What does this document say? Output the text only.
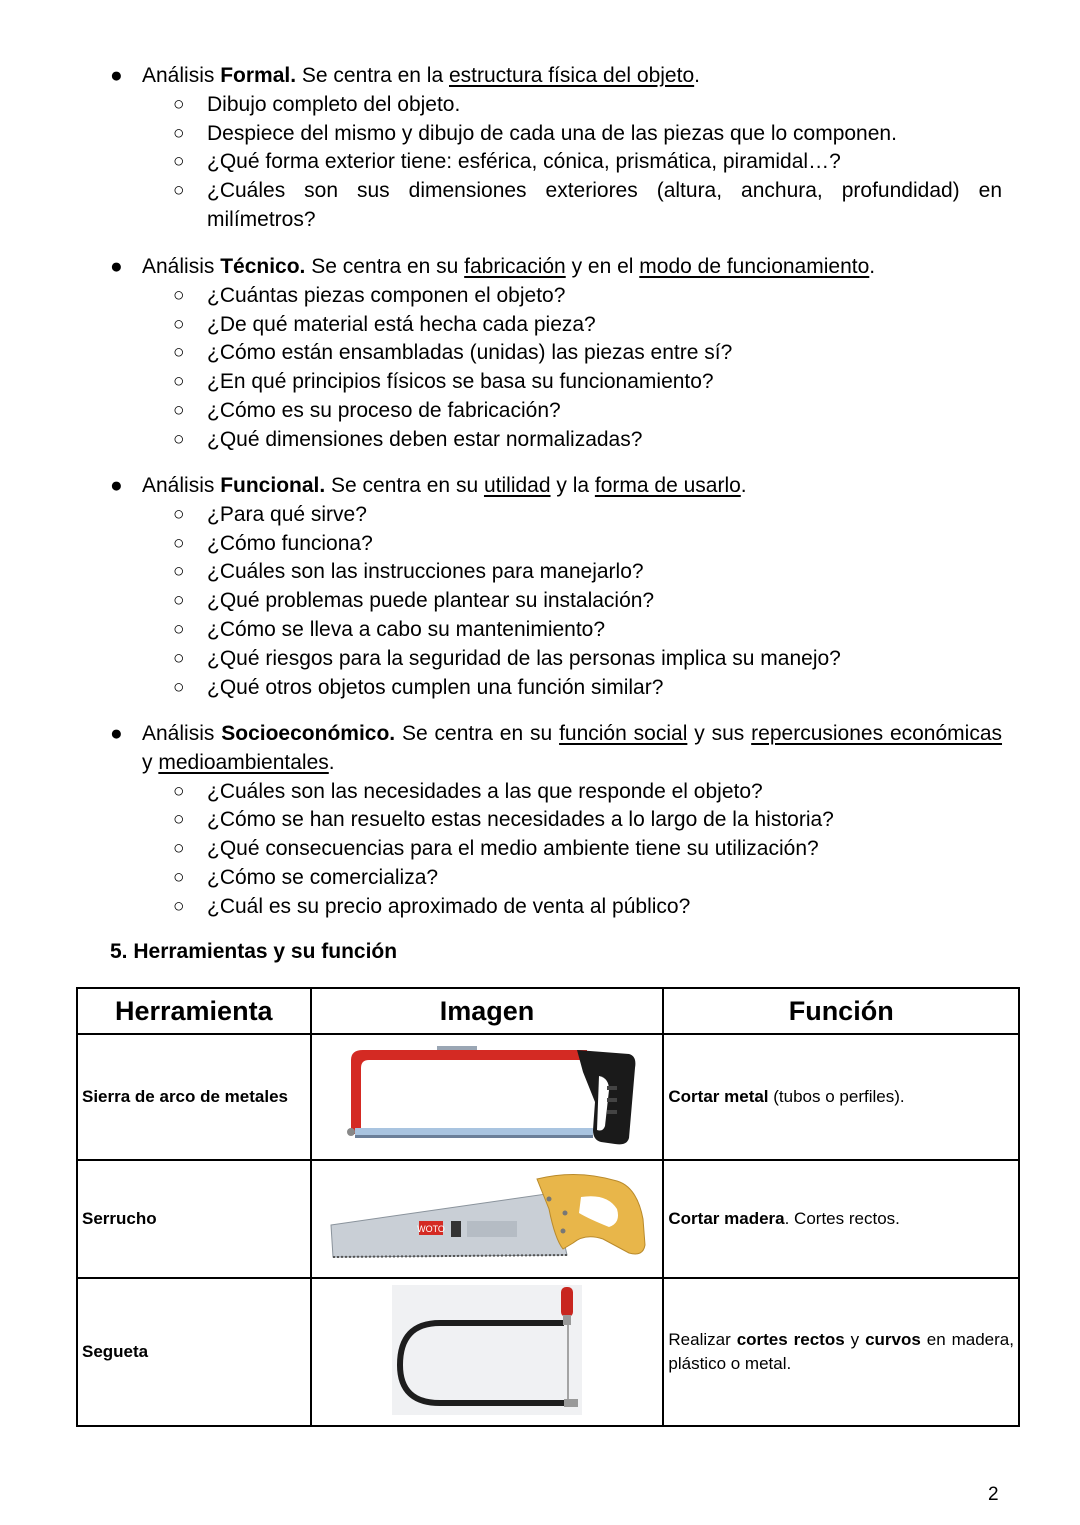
● Análisis Formal. Se centra en la estructura física del objeto.
○ Dibujo completo del objeto.
○ Despiece del mismo y dibujo de cada una de las piezas que lo componen.
○ ¿Qué forma exterior tiene: esférica, cónica, prismática, piramidal…?
○ ¿Cuáles son sus dimensiones exteriores (altura, anchura, profundidad) en milímetros?
● Análisis Técnico. Se centra en su fabricación y en el modo de funcionamiento.
○ ¿Cuántas piezas componen el objeto?
○ ¿De qué material está hecha cada pieza?
○ ¿Cómo están ensambladas (unidas) las piezas entre sí?
○ ¿En qué principios físicos se basa su funcionamiento?
○ ¿Cómo es su proceso de fabricación?
○ ¿Qué dimensiones deben estar normalizadas?
● Análisis Funcional. Se centra en su utilidad y la forma de usarlo.
○ ¿Para qué sirve?
○ ¿Cómo funciona?
○ ¿Cuáles son las instrucciones para manejarlo?
○ ¿Qué problemas puede plantear su instalación?
○ ¿Cómo se lleva a cabo su mantenimiento?
○ ¿Qué riesgos para la seguridad de las personas implica su manejo?
○ ¿Qué otros objetos cumplen una función similar?
● Análisis Socioeconómico. Se centra en su función social y sus repercusiones económicas y medioambientales.
○ ¿Cuáles son las necesidades a las que responde el objeto?
○ ¿Cómo se han resuelto estas necesidades a lo largo de la historia?
○ ¿Qué consecuencias para el medio ambiente tiene su utilización?
○ ¿Cómo se comercializa?
○ ¿Cuál es su precio aproximado de venta al público?
5. Herramientas y su función
Herramienta	Imagen	Función
Sierra de arco de metales		Cortar metal (tubos o perfiles).
Serrucho	WOTO	Cortar madera. Cortes rectos.
Segueta		Realizar cortes rectos y curvos en madera, plástico o metal.
2
